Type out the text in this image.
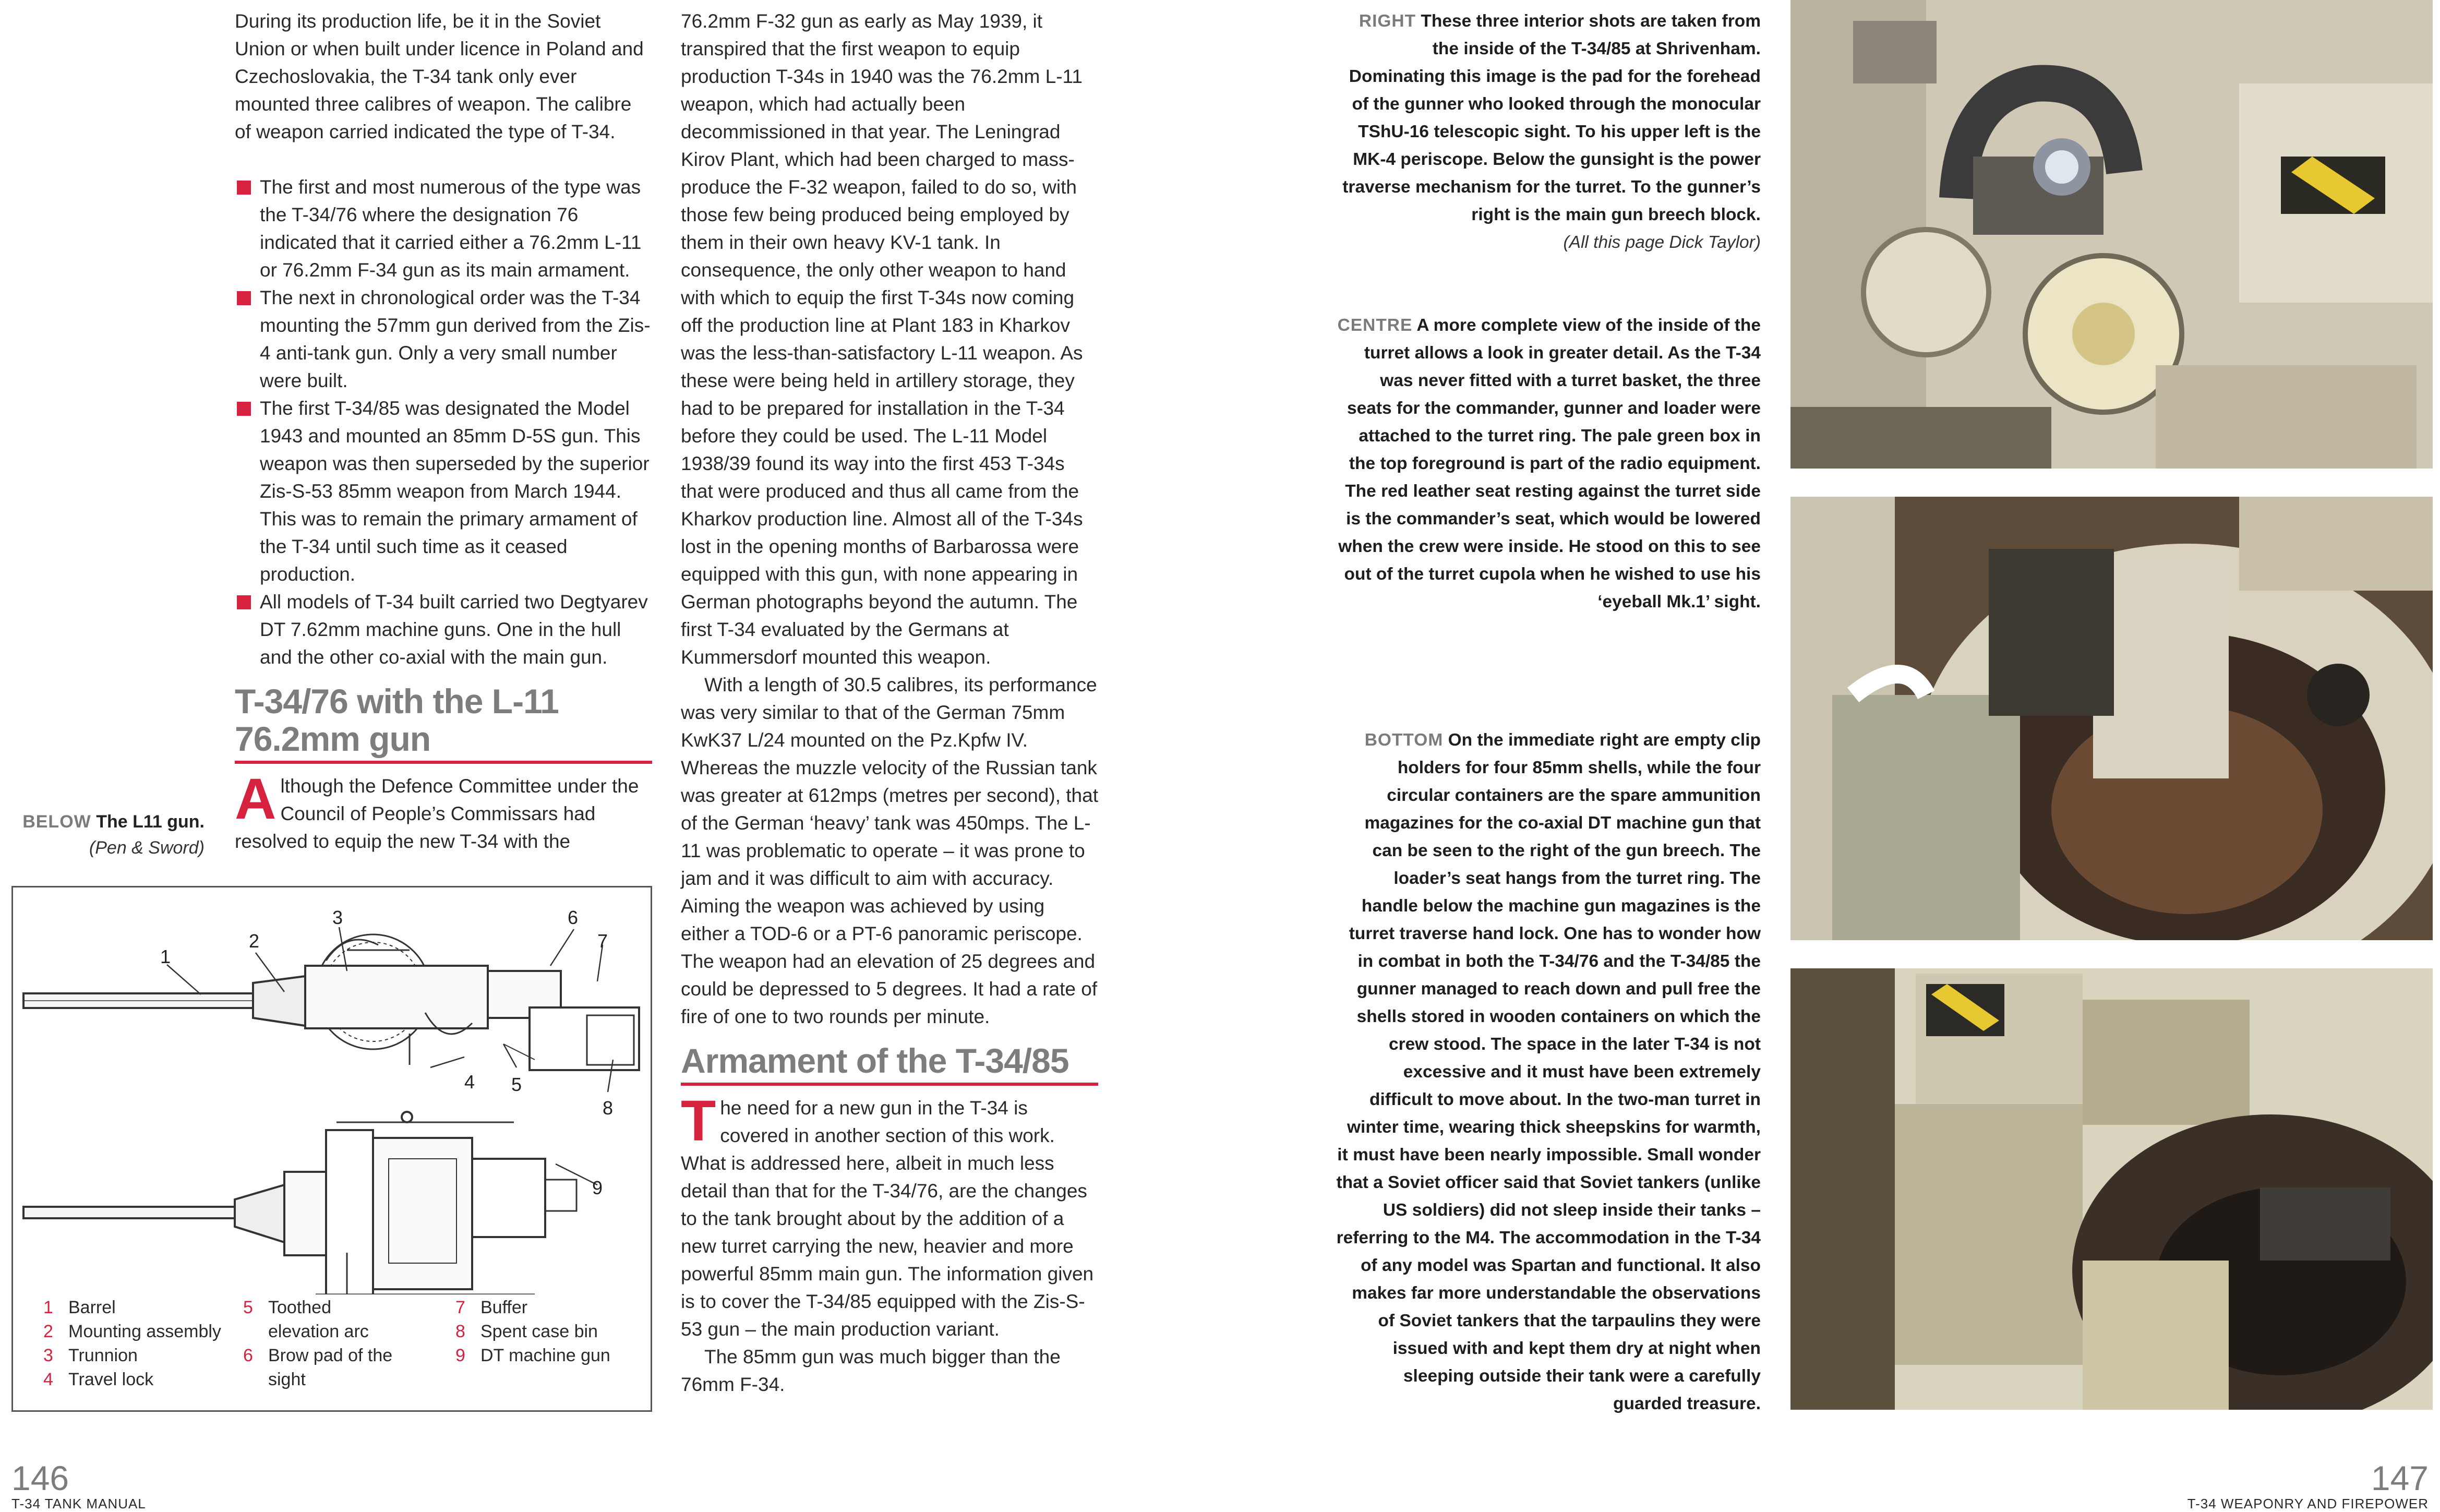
During its production life, be it in the Soviet Union or when built under licence in Poland and Czechoslovakia, the T-34 tank only ever mounted three calibres of weapon. The calibre of weapon carried indicated the type of T-34.

The first and most numerous of the type was the T-34/76 where the designation 76 indicated that it carried either a 76.2mm L-11 or 76.2mm F-34 gun as its main armament.
The next in chronological order was the T-34 mounting the 57mm gun derived from the Zis-4 anti-tank gun. Only a very small number were built.
The first T-34/85 was designated the Model 1943 and mounted an 85mm D-5S gun. This weapon was then superseded by the superior Zis-S-53 85mm weapon from March 1944. This was to remain the primary armament of the T-34 until such time as it ceased production.
All models of T-34 built carried two Degtyarev DT 7.62mm machine guns. One in the hull and the other co-axial with the main gun.
T-34/76 with the L-11 76.2mm gun

Although the Defence Committee under the Council of People’s Commissars had resolved to equip the new T-34 with the

76.2mm F-32 gun as early as May 1939, it transpired that the first weapon to equip production T-34s in 1940 was the 76.2mm L-11 weapon, which had actually been decommissioned in that year. The Leningrad Kirov Plant, which had been charged to mass-produce the F-32 weapon, failed to do so, with those few being produced being employed by them in their own heavy KV-1 tank. In consequence, the only other weapon to hand with which to equip the first T-34s now coming off the production line at Plant 183 in Kharkov was the less-than-satisfactory L-11 weapon. As these were being held in artillery storage, they had to be prepared for installation in the T-34 before they could be used. The L-11 Model 1938/39 found its way into the first 453 T-34s that were produced and thus all came from the Kharkov production line. Almost all of the T-34s lost in the opening months of Barbarossa were equipped with this gun, with none appearing in German photographs beyond the autumn. The first T-34 evaluated by the Germans at Kummersdorf mounted this weapon.

With a length of 30.5 calibres, its performance was very similar to that of the German 75mm KwK37 L/24 mounted on the Pz.Kpfw IV. Whereas the muzzle velocity of the Russian tank was greater at 612mps (metres per second), that of the German ‘heavy’ tank was 450mps. The L-11 was problematic to operate – it was prone to jam and it was difficult to aim with accuracy. Aiming the weapon was achieved by using either a TOD-6 or a PT-6 panoramic periscope. The weapon had an elevation of 25 degrees and could be depressed to 5 degrees. It had a rate of fire of one to two rounds per minute.

Armament of the T-34/85

The need for a new gun in the T-34 is covered in another section of this work. What is addressed here, albeit in much less detail than that for the T-34/76, are the changes to the tank brought about by the addition of a new turret carrying the new, heavier and more powerful 85mm main gun. The information given is to cover the T-34/85 equipped with the Zis-S-53 gun – the main production variant.

The 85mm gun was much bigger than the 76mm F-34.

BELOW The L11 gun.
(Pen & Sword)
1
2
3
4 5
6
7
8
9
1 Barrel
2 Mounting assembly
3 Trunnion
4 Travel lock
5 Toothed elevation arc
6 Brow pad of the sight
7 Buffer
8 Spent case bin
9 DT machine gun
RIGHT These three interior shots are taken from the inside of the T-34/85 at Shrivenham. Dominating this image is the pad for the forehead of the gunner who looked through the monocular TShU-16 telescopic sight. To his upper left is the MK-4 periscope. Below the gunsight is the power traverse mechanism for the turret. To the gunner’s right is the main gun breech block.
(All this page Dick Taylor)
CENTRE A more complete view of the inside of the turret allows a look in greater detail. As the T-34 was never fitted with a turret basket, the three seats for the commander, gunner and loader were attached to the turret ring. The pale green box in the top foreground is part of the radio equipment. The red leather seat resting against the turret side is the commander’s seat, which would be lowered when the crew were inside. He stood on this to see out of the turret cupola when he wished to use his ‘eyeball Mk.1’ sight.
BOTTOM On the immediate right are empty clip holders for four 85mm shells, while the four circular containers are the spare ammunition magazines for the co-axial DT machine gun that can be seen to the right of the gun breech. The loader’s seat hangs from the turret ring. The handle below the machine gun magazines is the turret traverse hand lock. One has to wonder how in combat in both the T-34/76 and the T-34/85 the gunner managed to reach down and pull free the shells stored in wooden containers on which the crew stood. The space in the later T-34 is not excessive and it must have been extremely difficult to move about. In the two-man turret in winter time, wearing thick sheepskins for warmth, it must have been nearly impossible. Small wonder that a Soviet officer said that Soviet tankers (unlike US soldiers) did not sleep inside their tanks – referring to the M4. The accommodation in the T-34 of any model was Spartan and functional. It also makes far more understandable the observations of Soviet tankers that the tarpaulins they were issued with and kept them dry at night when sleeping outside their tank were a carefully guarded treasure.
146
T-34 TANK MANUAL
147
T-34 WEAPONRY AND FIREPOWER
